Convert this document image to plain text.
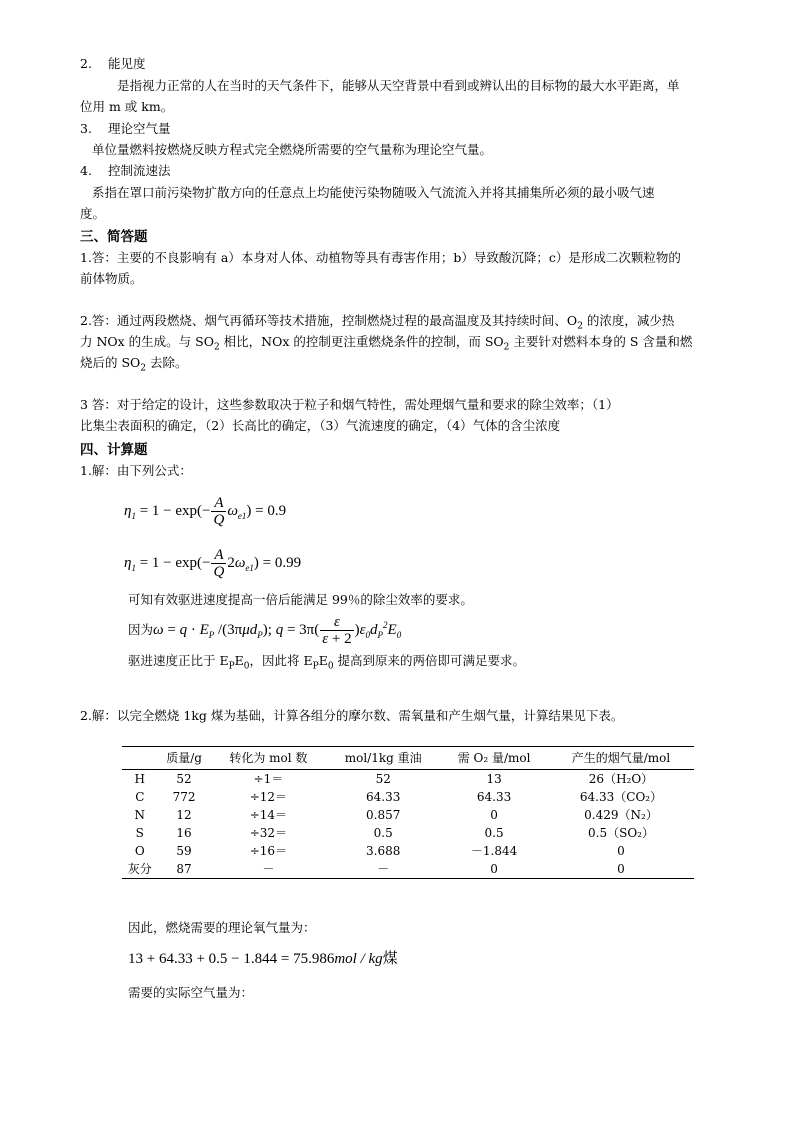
2. 能见度
是指视力正常的人在当时的天气条件下，能够从天空背景中看到或辨认出的目标物的最大水平距离，单
位用 m 或 km。
3. 理论空气量
单位量燃料按燃烧反映方程式完全燃烧所需要的空气量称为理论空气量。
4. 控制流速法
系指在罩口前污染物扩散方向的任意点上均能使污染物随吸入气流流入并将其捕集所必须的最小吸气速
度。
三、简答题
1.答：主要的不良影响有 a）本身对人体、动植物等具有毒害作用；b）导致酸沉降；c）是形成二次颗粒物的
前体物质。
2.答：通过两段燃烧、烟气再循环等技术措施，控制燃烧过程的最高温度及其持续时间、$O_2$ 的浓度，减少热
力 NOx 的生成。与 $SO_2$ 相比，NOx 的控制更注重燃烧条件的控制，而 $SO_2$ 主要针对燃料本身的 S 含量和燃
烧后的 $SO_2$ 去除。
3 答：对于给定的设计，这些参数取决于粒子和烟气特性，需处理烟气量和要求的除尘效率；（1）
比集尘表面积的确定，（2）长高比的确定，（3）气流速度的确定，（4）气体的含尘浓度
四、计算题
1.解：由下列公式：
$\eta_1 = 1 - \exp(- \frac{A}{Q} \omega_{e1}) = 0.9$
$\eta_1 = 1 - \exp(- \frac{A}{Q} 2\omega_{e1}) = 0.99$
可知有效驱进速度提高一倍后能满足 99％的除尘效率的要求。
因为$\omega = q \cdot E_P$ /(3πμd$_P$); $q = 3\pi( \frac{\varepsilon}{\varepsilon + 2} )\varepsilon_0d_P^2E_0$
驱进速度正比于 $E_PE_0$，因此将 $E_PE_0$ 提高到原来的两倍即可满足要求。
2.解：以完全燃烧 1kg 煤为基础，计算各组分的摩尔数、需氧量和产生烟气量，计算结果见下表。
	质量/g	转化为 mol 数	mol/1kg 重油	需 O₂ 量/mol	产生的烟气量/mol
H	52	÷1＝	52	13	26（H₂O）
C	772	÷12＝	64.33	64.33	64.33（CO₂）
N	12	÷14＝	0.857	0	0.429（N₂）
S	16	÷32＝	0.5	0.5	0.5（SO₂）
O	59	÷16＝	3.688	－1.844	0
灰分	87	－	－	0	0
因此，燃烧需要的理论氧气量为：
13 + 64.33 + 0.5 − 1.844 = 75.986mol / kg煤
需要的实际空气量为：
